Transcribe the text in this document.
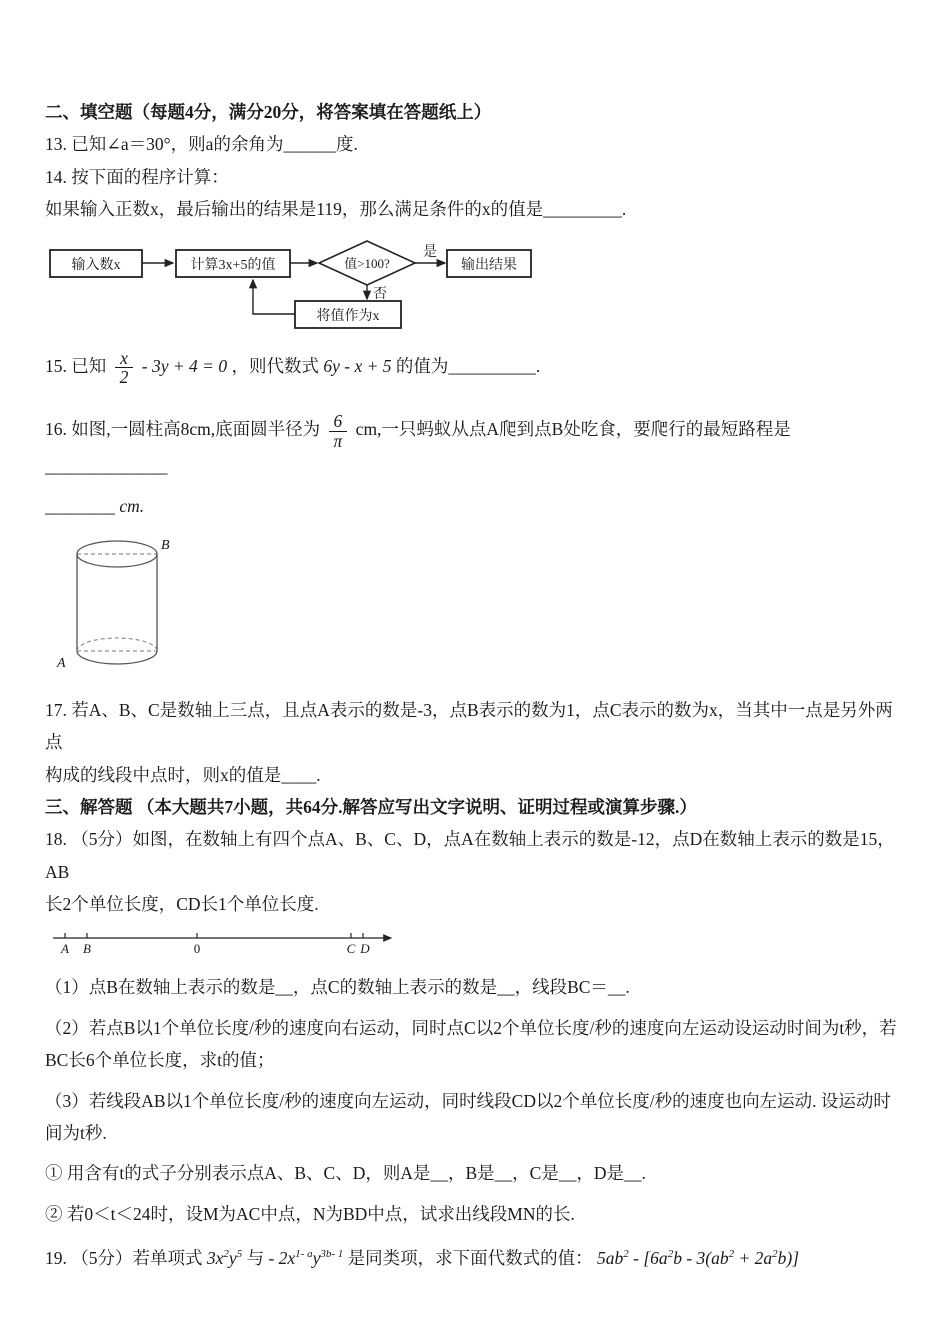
二、填空题（每题4分，满分20分，将答案填在答题纸上）

13. 已知∠a＝30°，则a的余角为______度.

14. 按下面的程序计算：

如果输入正数x，最后输出的结果是119，那么满足条件的x的值是_________.

输入数x	计算3x+5的值	值>100?
是
输出结果
否
将值作为x

15. 已知 $\frac{x}{2} - 3y + 4 = 0$ ，则代数式 6y - x + 5 的值为__________.

16. 如图,一圆柱高8cm,底面圆半径为 $\frac{6}{\pi}$ cm,一只蚂蚁从点A爬到点B处吃食，要爬行的最短路程是______________

________ cm.

B
A

17. 若A、B、C是数轴上三点，且点A表示的数是-3，点B表示的数为1，点C表示的数为x，当其中一点是另外两点

构成的线段中点时，则x的值是____.

三、解答题 （本大题共7小题，共64分.解答应写出文字说明、证明过程或演算步骤.）

18. （5分）如图，在数轴上有四个点A、B、C、D，点A在数轴上表示的数是-12，点D在数轴上表示的数是15，AB

长2个单位长度，CD长1个单位长度.

A B	0	C D

（1）点B在数轴上表示的数是__，点C的数轴上表示的数是__，线段BC＝__.

（2）若点B以1个单位长度/秒的速度向右运动，同时点C以2个单位长度/秒的速度向左运动设运动时间为t秒，若

BC长6个单位长度，求t的值；

（3）若线段AB以1个单位长度/秒的速度向左运动，同时线段CD以2个单位长度/秒的速度也向左运动. 设运动时

间为t秒.

① 用含有t的式子分别表示点A、B、C、D，则A是__，B是__，C是__，D是__.

② 若0＜t＜24时，设M为AC中点，N为BD中点，试求出线段MN的长.

19. （5分）若单项式 $3x^2y^5$ 与 - $2x^{1- a}y^{3b- 1}$ 是同类项，求下面代数式的值： $5ab^2 - [6a^2b - 3(ab^2 + 2a^2b)]$
